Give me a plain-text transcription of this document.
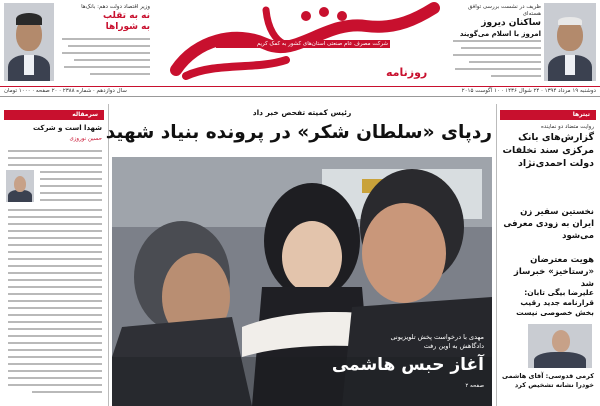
وزیر اقتصاد دولت دهم: بانک‌ها
نه به تقلب
به شوراها
شرکت مصرف عام صنعتی استان‌های کشور به کمک کریم
روزنامه
ظریف در نشست بررسی توافق هسته‌ای
ساکنان دیروز
امروز با اسلام می‌گویند
دوشنبه ۱۹ مرداد ۱۳۹۴ · ۲۴ شوال ۱۴۳۶ · ۱۰ آگوست ۲۰۱۵
سال دوازدهم · شماره ۲۳۸۸ · ۲۰ صفحه · ۱۰۰۰ تومان
سرمقاله
شهدا است و شرکت
حسین نوروزی
رئیس کمیته تفحص خبر داد
ردپای «سلطان شکر» در پرونده بنیاد شهید
مهدی با درخواست پخش تلویزیونی
دادگاهش به اوین رفت
آغاز حبس هاشمی
صفحه ۲
تیترها
روایت متضاد دو نماینده
گزارش‌های بانک مرکزی سند تخلفات دولت احمدی‌نژاد
نخستین سفیر زن ایران به زودی معرفی می‌شود
هویت معترضان «رستاخیز» خبرساز شد
علیرضا بیگی تابان: قرارنامه جدید رقیب بخش خصوصی نیست
کرمی قدوسی: آقای هاشمی خودرا نشانه تشخیص کرد
